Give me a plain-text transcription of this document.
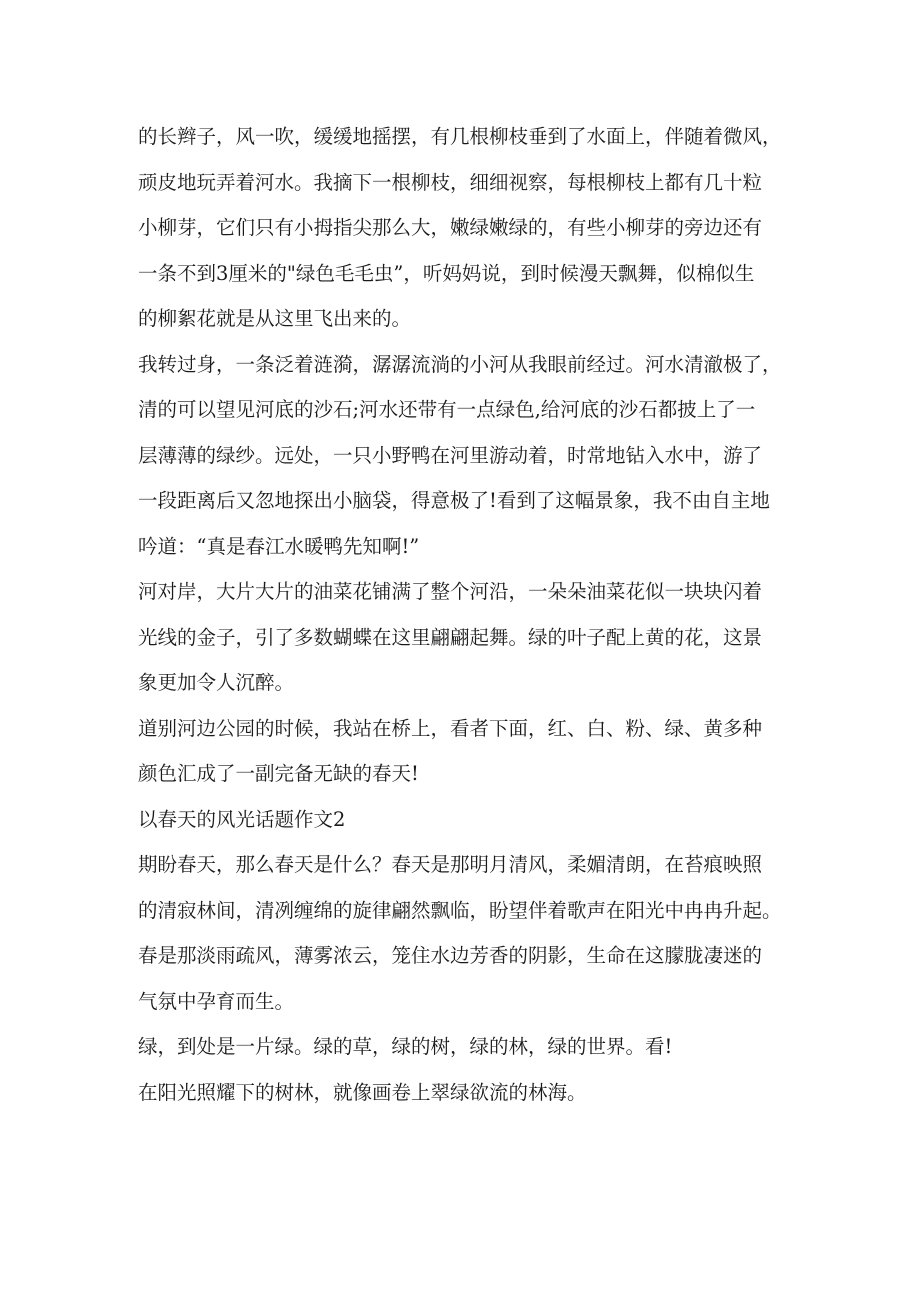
的长辫子，风一吹，缓缓地摇摆，有几根柳枝垂到了水面上，伴随着微风，
顽皮地玩弄着河水。我摘下一根柳枝，细细视察，每根柳枝上都有几十粒
小柳芽，它们只有小拇指尖那么大，嫩绿嫩绿的，有些小柳芽的旁边还有
一条不到3厘米的"绿色毛毛虫”，听妈妈说，到时候漫天飘舞，似棉似生
的柳絮花就是从这里飞出来的。
我转过身，一条泛着涟漪，潺潺流淌的小河从我眼前经过。河水清澈极了，
清的可以望见河底的沙石;河水还带有一点绿色,给河底的沙石都披上了一
层薄薄的绿纱。远处，一只小野鸭在河里游动着，时常地钻入水中，游了
一段距离后又忽地探出小脑袋，得意极了!看到了这幅景象，我不由自主地
吟道：“真是春江水暖鸭先知啊!”
河对岸，大片大片的油菜花铺满了整个河沿，一朵朵油菜花似一块块闪着
光线的金子，引了多数蝴蝶在这里翩翩起舞。绿的叶子配上黄的花，这景
象更加令人沉醉。
道别河边公园的时候，我站在桥上，看者下面，红、白、粉、绿、黄多种
颜色汇成了一副完备无缺的春天!
以春天的风光话题作文2
期盼春天，那么春天是什么？春天是那明月清风，柔媚清朗，在苔痕映照
的清寂林间，清冽缠绵的旋律翩然飘临，盼望伴着歌声在阳光中冉冉升起。
春是那淡雨疏风，薄雾浓云，笼住水边芳香的阴影，生命在这朦胧凄迷的
气氛中孕育而生。
绿，到处是一片绿。绿的草，绿的树，绿的林，绿的世界。看!
在阳光照耀下的树林，就像画卷上翠绿欲流的林海。
